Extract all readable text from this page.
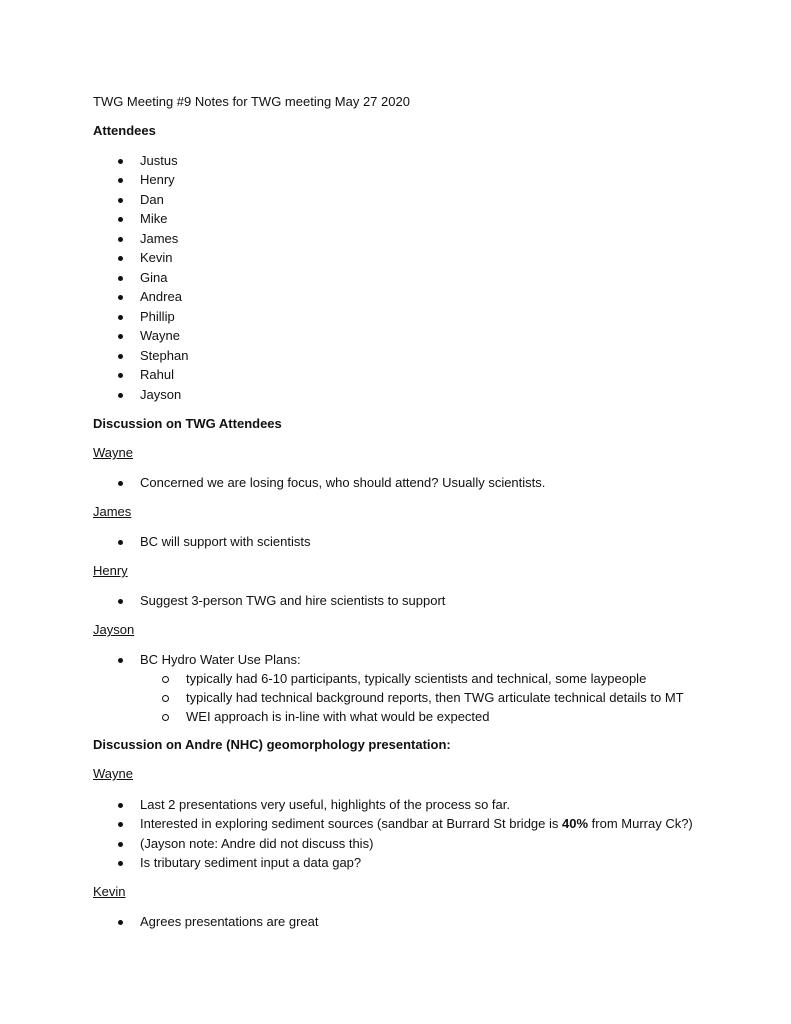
TWG Meeting #9 Notes for TWG meeting May 27 2020
Attendees
Justus
Henry
Dan
Mike
James
Kevin
Gina
Andrea
Phillip
Wayne
Stephan
Rahul
Jayson
Discussion on TWG Attendees
Wayne
Concerned we are losing focus, who should attend? Usually scientists.
James
BC will support with scientists
Henry
Suggest 3-person TWG and hire scientists to support
Jayson
BC Hydro Water Use Plans:
typically had 6-10 participants, typically scientists and technical, some laypeople
typically had technical background reports, then TWG articulate technical details to MT
WEI approach is in-line with what would be expected
Discussion on Andre (NHC) geomorphology presentation:
Wayne
Last 2 presentations very useful, highlights of the process so far.
Interested in exploring sediment sources (sandbar at Burrard St bridge is 40% from Murray Ck?)
(Jayson note: Andre did not discuss this)
Is tributary sediment input a data gap?
Kevin
Agrees presentations are great
